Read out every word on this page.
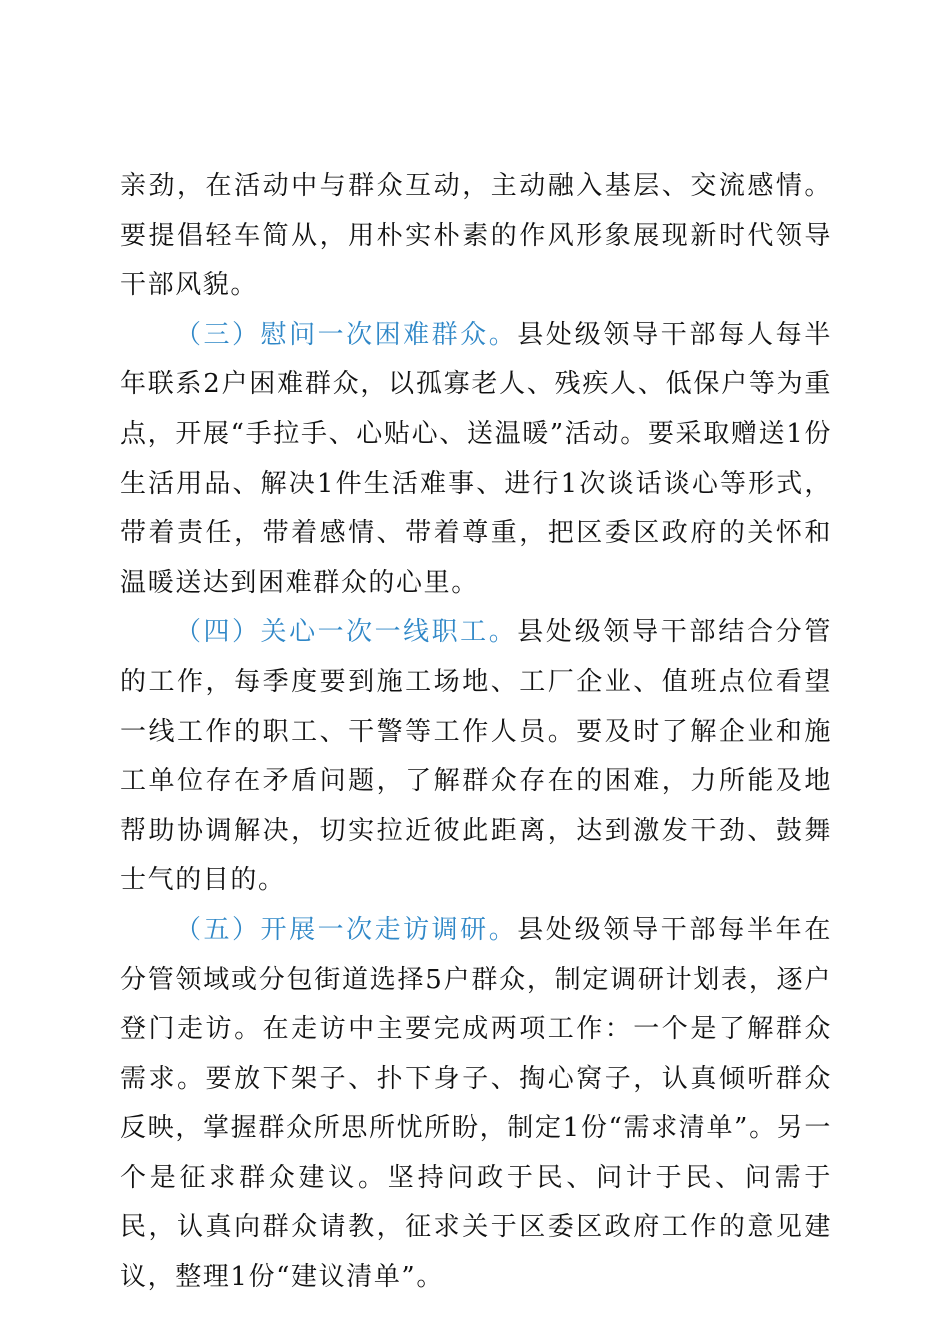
亲劲，在活动中与群众互动，主动融入基层、交流感情。要提倡轻车简从，用朴实朴素的作风形象展现新时代领导干部风貌。

（三）慰问一次困难群众。县处级领导干部每人每半年联系2户困难群众，以孤寡老人、残疾人、低保户等为重点，开展“手拉手、心贴心、送温暖”活动。要采取赠送1份生活用品、解决1件生活难事、进行1次谈话谈心等形式，带着责任，带着感情、带着尊重，把区委区政府的关怀和温暖送达到困难群众的心里。

（四）关心一次一线职工。县处级领导干部结合分管的工作，每季度要到施工场地、工厂企业、值班点位看望一线工作的职工、干警等工作人员。要及时了解企业和施工单位存在矛盾问题，了解群众存在的困难，力所能及地帮助协调解决，切实拉近彼此距离，达到激发干劲、鼓舞士气的目的。

（五）开展一次走访调研。县处级领导干部每半年在分管领域或分包街道选择5户群众，制定调研计划表，逐户登门走访。在走访中主要完成两项工作：一个是了解群众需求。要放下架子、扑下身子、掏心窝子，认真倾听群众反映，掌握群众所思所忧所盼，制定1份“需求清单”。另一个是征求群众建议。坚持问政于民、问计于民、问需于民，认真向群众请教，征求关于区委区政府工作的意见建议，整理1份“建议清单”。
